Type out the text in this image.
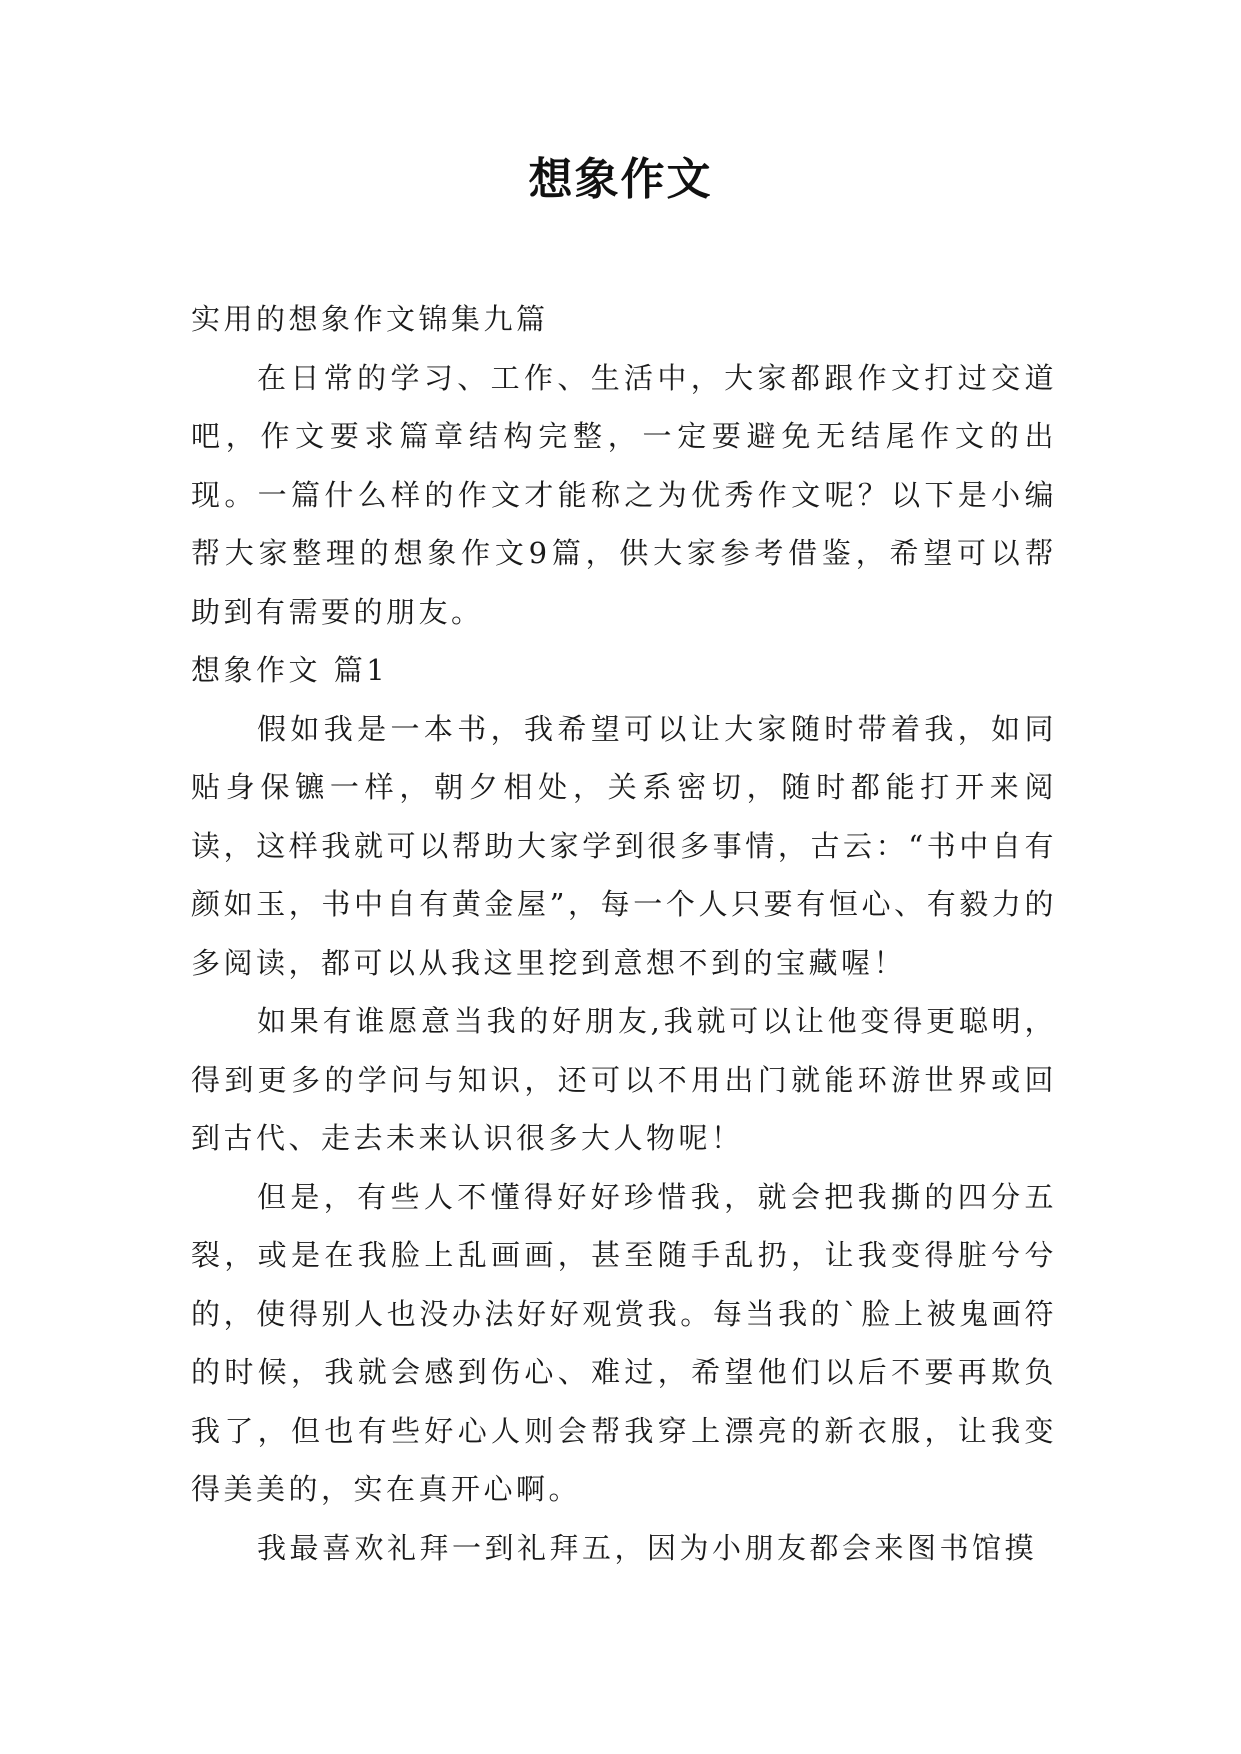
想象作文

实用的想象作文锦集九篇

在日常的学习、工作、生活中，大家都跟作文打过交道吧，作文要求篇章结构完整，一定要避免无结尾作文的出现。一篇什么样的作文才能称之为优秀作文呢？以下是小编帮大家整理的想象作文9篇，供大家参考借鉴，希望可以帮助到有需要的朋友。

想象作文 篇1

假如我是一本书，我希望可以让大家随时带着我，如同贴身保镳一样，朝夕相处，关系密切，随时都能打开来阅读，这样我就可以帮助大家学到很多事情，古云：“书中自有颜如玉，书中自有黄金屋”，每一个人只要有恒心、有毅力的多阅读，都可以从我这里挖到意想不到的宝藏喔！

如果有谁愿意当我的好朋友,我就可以让他变得更聪明，得到更多的学问与知识，还可以不用出门就能环游世界或回到古代、走去未来认识很多大人物呢！

但是，有些人不懂得好好珍惜我，就会把我撕的四分五裂，或是在我脸上乱画画，甚至随手乱扔，让我变得脏兮兮的，使得别人也没办法好好观赏我。每当我的`脸上被鬼画符的时候，我就会感到伤心、难过，希望他们以后不要再欺负我了，但也有些好心人则会帮我穿上漂亮的新衣服，让我变得美美的，实在真开心啊。

我最喜欢礼拜一到礼拜五，因为小朋友都会来图书馆摸
